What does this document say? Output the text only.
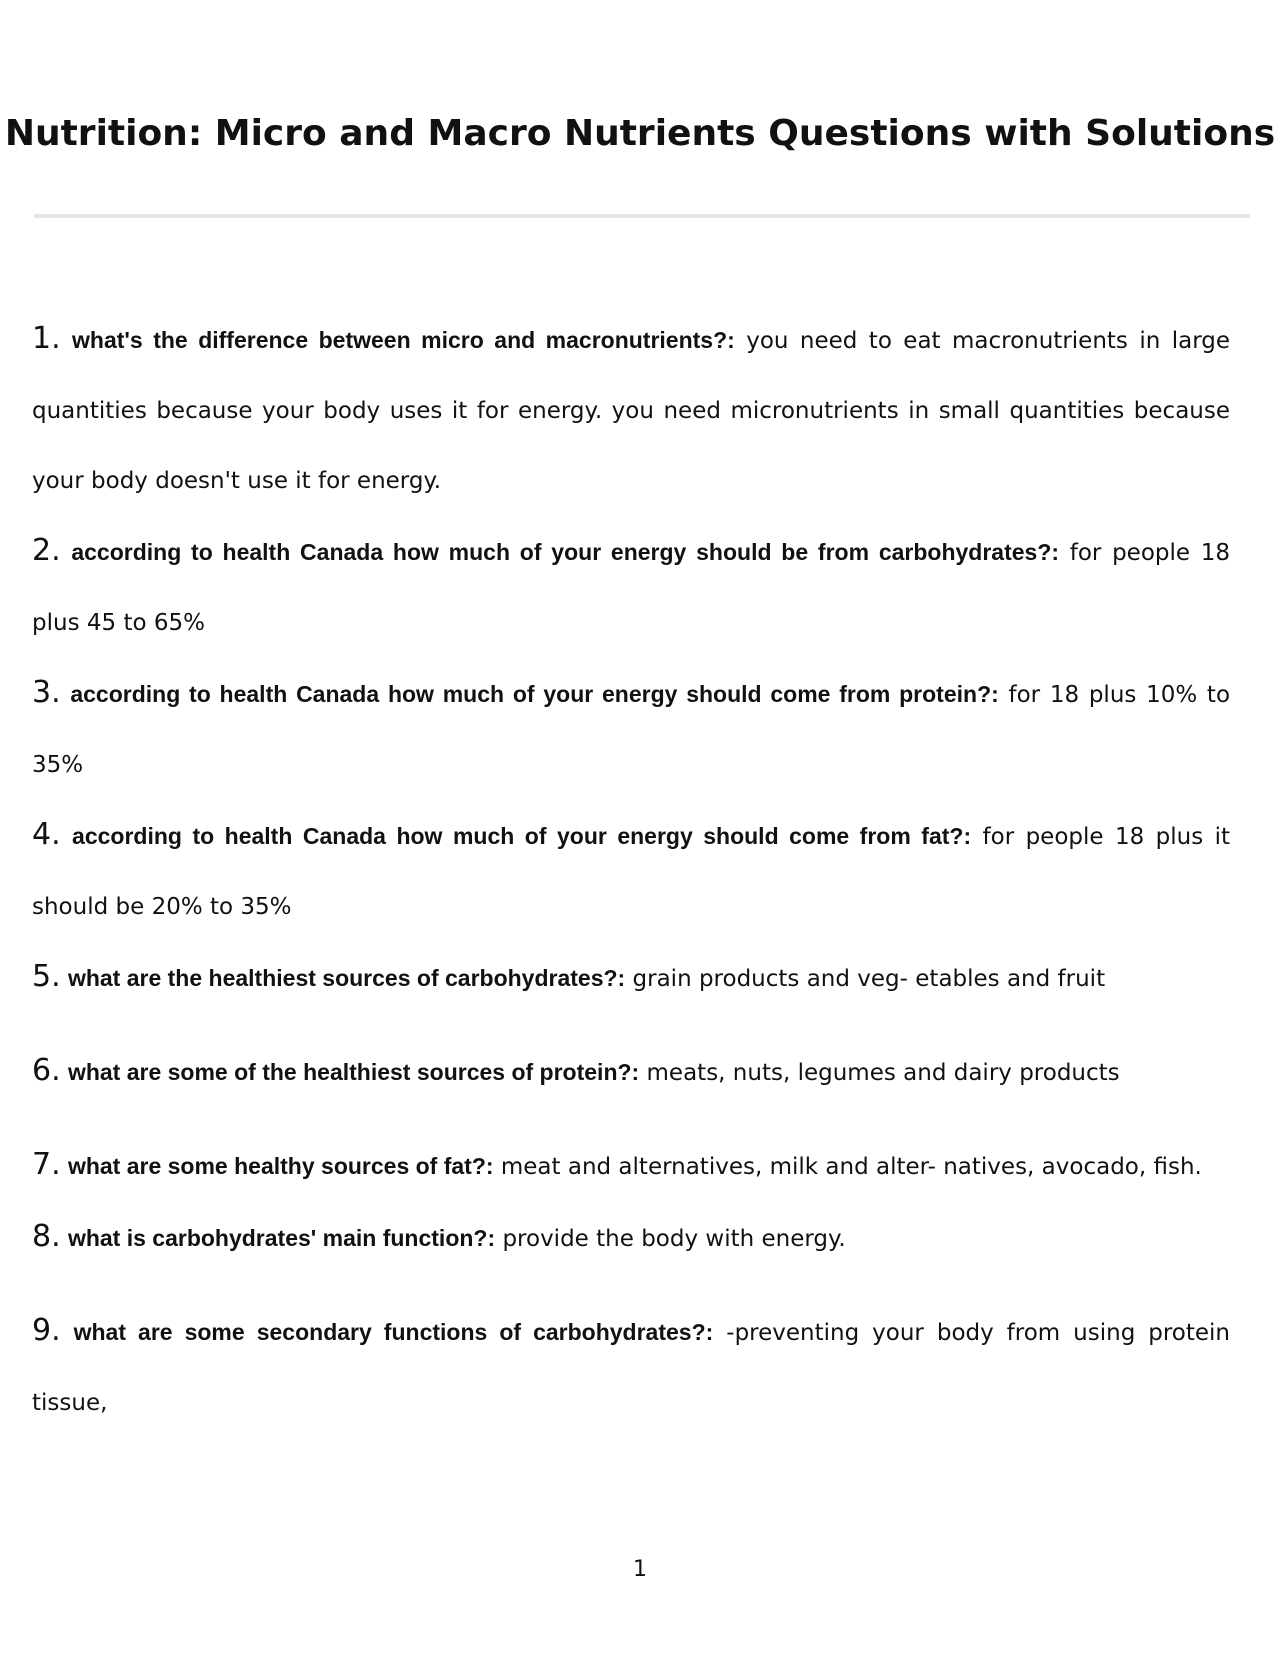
Nutrition: Micro and Macro Nutrients Questions with Solutions

1. what's the difference between micro and macronutrients?: you need to eat macronutrients in large quantities because your body uses it for energy. you need micronutrients in small quantities because your body doesn't use it for energy.

2. according to health Canada how much of your energy should be from carbohydrates?: for people 18 plus 45 to 65%

3. according to health Canada how much of your energy should come from protein?: for 18 plus 10% to 35%

4. according to health Canada how much of your energy should come from fat?: for people 18 plus it should be 20% to 35%

5. what are the healthiest sources of carbohydrates?: grain products and veg- etables and fruit

6. what are some of the healthiest sources of protein?: meats, nuts, legumes and dairy products

7. what are some healthy sources of fat?: meat and alternatives, milk and alter- natives, avocado, fish.

8. what is carbohydrates' main function?: provide the body with energy.

9. what are some secondary functions of carbohydrates?: -preventing your body from using protein tissue,

1
